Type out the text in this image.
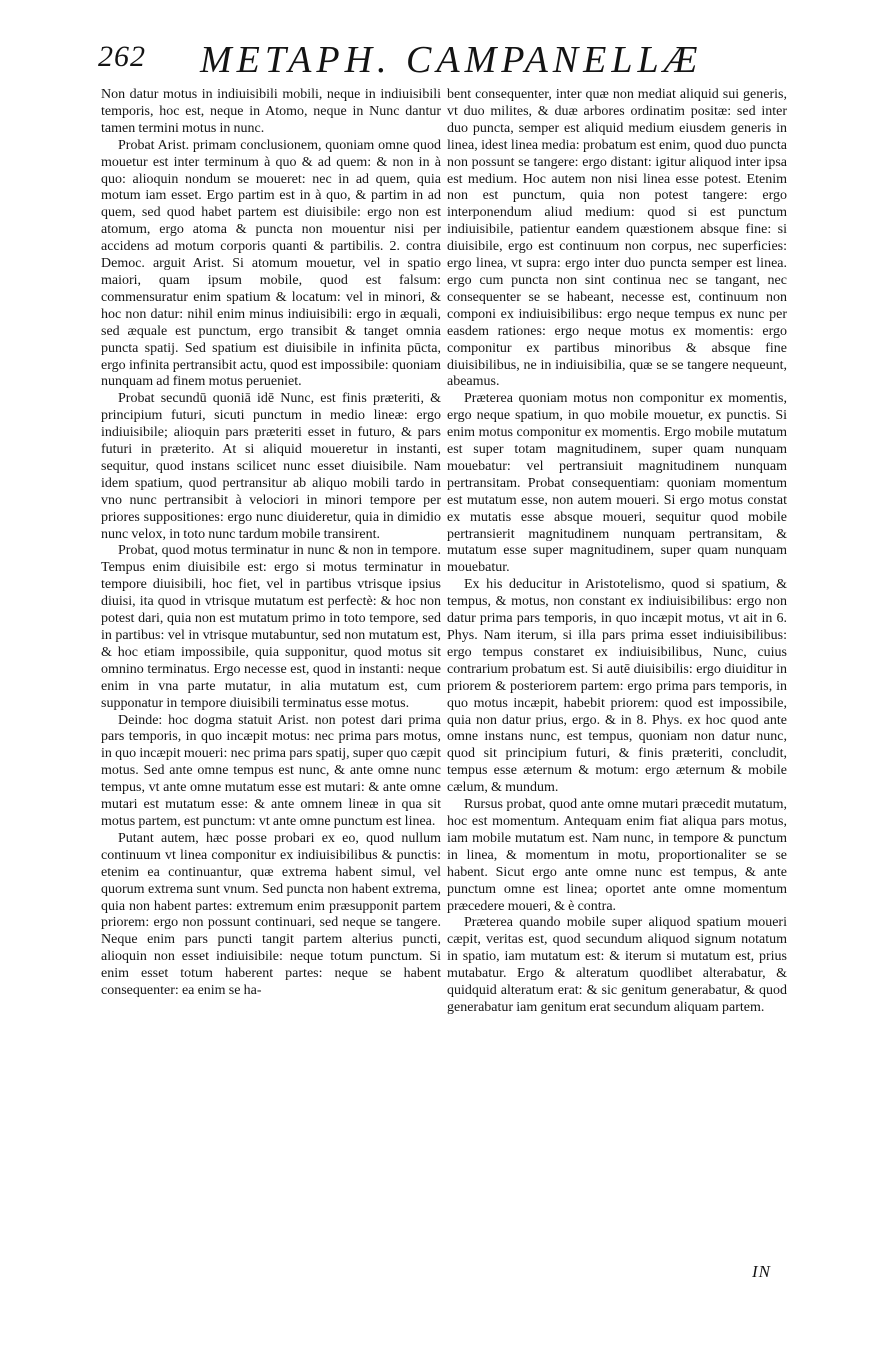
262 METAPH. CAMPANELLÆ

Non datur motus in indiuisibili mobili, neque in indiuisibili temporis, hoc est, neque in Atomo, neque in Nunc dantur tamen termini motus in nunc.

Probat Arist. primam conclusionem, quoniam omne quod mouetur est inter terminum à quo & ad quem: & non in à quo: alioquin nondum se moueret: nec in ad quem, quia motum iam esset. Ergo partim est in à quo, & partim in ad quem, sed quod habet partem est diuisibile: ergo non est atomum, ergo atoma & puncta non mouentur nisi per accidens ad motum corporis quanti & partibilis. 2. contra Democ. arguit Arist. Si atomum mouetur, vel in spatio maiori, quam ipsum mobile, quod est falsum: commensuratur enim spatium & locatum: vel in minori, & hoc non datur: nihil enim minus indiuisibili: ergo in æquali, sed æquale est punctum, ergo transibit & tanget omnia puncta spatij. Sed spatium est diuisibile in infinita pūcta, ergo infinita pertransibit actu, quod est impossibile: quoniam nunquam ad finem motus perueniet.

Probat secundū quoniā idē Nunc, est finis præteriti, & principium futuri, sicuti punctum in medio lineæ: ergo indiuisibile; alioquin pars præteriti esset in futuro, & pars futuri in præterito. At si aliquid moueretur in instanti, sequitur, quod instans scilicet nunc esset diuisibile. Nam idem spatium, quod pertransitur ab aliquo mobili tardo in vno nunc pertransibit à velociori in minori tempore per priores suppositiones: ergo nunc diuideretur, quia in dimidio nunc velox, in toto nunc tardum mobile transirent.

Probat, quod motus terminatur in nunc & non in tempore. Tempus enim diuisibile est: ergo si motus terminatur in tempore diuisibili, hoc fiet, vel in partibus vtrisque ipsius diuisi, ita quod in vtrisque mutatum est perfectè: & hoc non potest dari, quia non est mutatum primo in toto tempore, sed in partibus: vel in vtrisque mutabuntur, sed non mutatum est, & hoc etiam impossibile, quia supponitur, quod motus sit omnino terminatus. Ergo necesse est, quod in instanti: neque enim in vna parte mutatur, in alia mutatum est, cum supponatur in tempore diuisibili terminatus esse motus.

Deinde: hoc dogma statuit Arist. non potest dari prima pars temporis, in quo incæpit motus: nec prima pars motus, in quo incæpit moueri: nec prima pars spatij, super quo cæpit motus. Sed ante omne tempus est nunc, & ante omne nunc tempus, vt ante omne mutatum esse est mutari: & ante omne mutari est mutatum esse: & ante omnem lineæ in qua sit motus partem, est punctum: vt ante omne punctum est linea.

Putant autem, hæc posse probari ex eo, quod nullum continuum vt linea componitur ex indiuisibilibus & punctis: etenim ea continuantur, quæ extrema habent simul, vel quorum extrema sunt vnum. Sed puncta non habent extrema, quia non habent partes: extremum enim præsupponit partem priorem: ergo non possunt continuari, sed neque se tangere. Neque enim pars puncti tangit partem alterius puncti, alioquin non esset indiuisibile: neque totum punctum. Si enim esset totum haberent partes: neque se habent consequenter: ea enim se ha-

bent consequenter, inter quæ non mediat aliquid sui generis, vt duo milites, & duæ arbores ordinatim positæ: sed inter duo puncta, semper est aliquid medium eiusdem generis in linea, idest linea media: probatum est enim, quod duo puncta non possunt se tangere: ergo distant: igitur aliquod inter ipsa est medium. Hoc autem non nisi linea esse potest. Etenim non est punctum, quia non potest tangere: ergo interponendum aliud medium: quod si est punctum indiuisibile, patientur eandem quæstionem absque fine: si diuisibile, ergo est continuum non corpus, nec superficies: ergo linea, vt supra: ergo inter duo puncta semper est linea. ergo cum puncta non sint continua nec se tangant, nec consequenter se se habeant, necesse est, continuum non componi ex indiuisibilibus: ergo neque tempus ex nunc per easdem rationes: ergo neque motus ex momentis: ergo componitur ex partibus minoribus & absque fine diuisibilibus, ne in indiuisibilia, quæ se se tangere nequeunt, abeamus.

Præterea quoniam motus non componitur ex momentis, ergo neque spatium, in quo mobile mouetur, ex punctis. Si enim motus componitur ex momentis. Ergo mobile mutatum est super totam magnitudinem, super quam nunquam mouebatur: vel pertransiuit magnitudinem nunquam pertransitam. Probat consequentiam: quoniam momentum est mutatum esse, non autem moueri. Si ergo motus constat ex mutatis esse absque moueri, sequitur quod mobile pertransierit magnitudinem nunquam pertransitam, & mutatum esse super magnitudinem, super quam nunquam mouebatur.

Ex his deducitur in Aristotelismo, quod si spatium, & tempus, & motus, non constant ex indiuisibilibus: ergo non datur prima pars temporis, in quo incæpit motus, vt ait in 6. Phys. Nam iterum, si illa pars prima esset indiuisibilibus: ergo tempus constaret ex indiuisibilibus, Nunc, cuius contrarium probatum est. Si autē diuisibilis: ergo diuiditur in priorem & posteriorem partem: ergo prima pars temporis, in quo motus incæpit, habebit priorem: quod est impossibile, quia non datur prius, ergo. & in 8. Phys. ex hoc quod ante omne instans nunc, est tempus, quoniam non datur nunc, quod sit principium futuri, & finis præteriti, concludit, tempus esse æternum & motum: ergo æternum & mobile cælum, & mundum.

Rursus probat, quod ante omne mutari præcedit mutatum, hoc est momentum. Antequam enim fiat aliqua pars motus, iam mobile mutatum est. Nam nunc, in tempore & punctum in linea, & momentum in motu, proportionaliter se se habent. Sicut ergo ante omne nunc est tempus, & ante punctum omne est linea; oportet ante omne momentum præcedere moueri, & è contra.

Præterea quando mobile super aliquod spatium moueri cæpit, veritas est, quod secundum aliquod signum notatum in spatio, iam mutatum est: & iterum si mutatum est, prius mutabatur. Ergo & alteratum quodlibet alterabatur, & quidquid alteratum erat: & sic genitum generabatur, & quod generabatur iam genitum erat secundum aliquam partem.

IN
